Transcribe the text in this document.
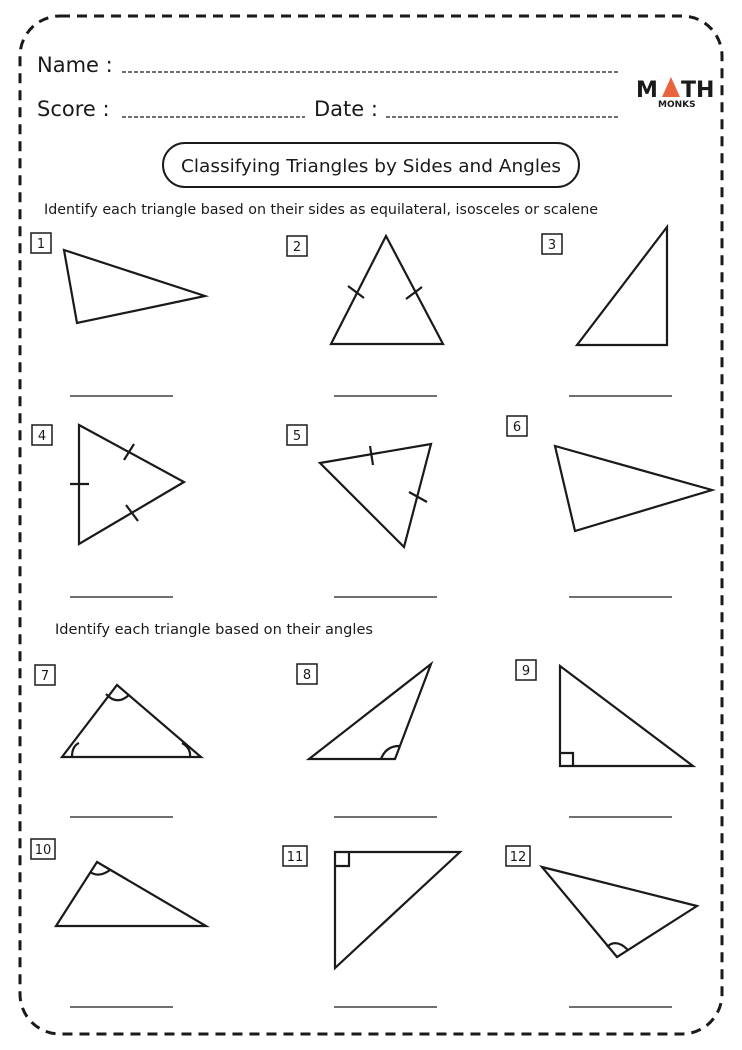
Name :
Score :	Date :
M TH
MONKS
Classifying Triangles by Sides and Angles
Identify each triangle based on their sides as equilateral, isosceles or scalene
Identify each triangle based on their angles
1	2	3
4	5
6
7	8	9
10	11	12
